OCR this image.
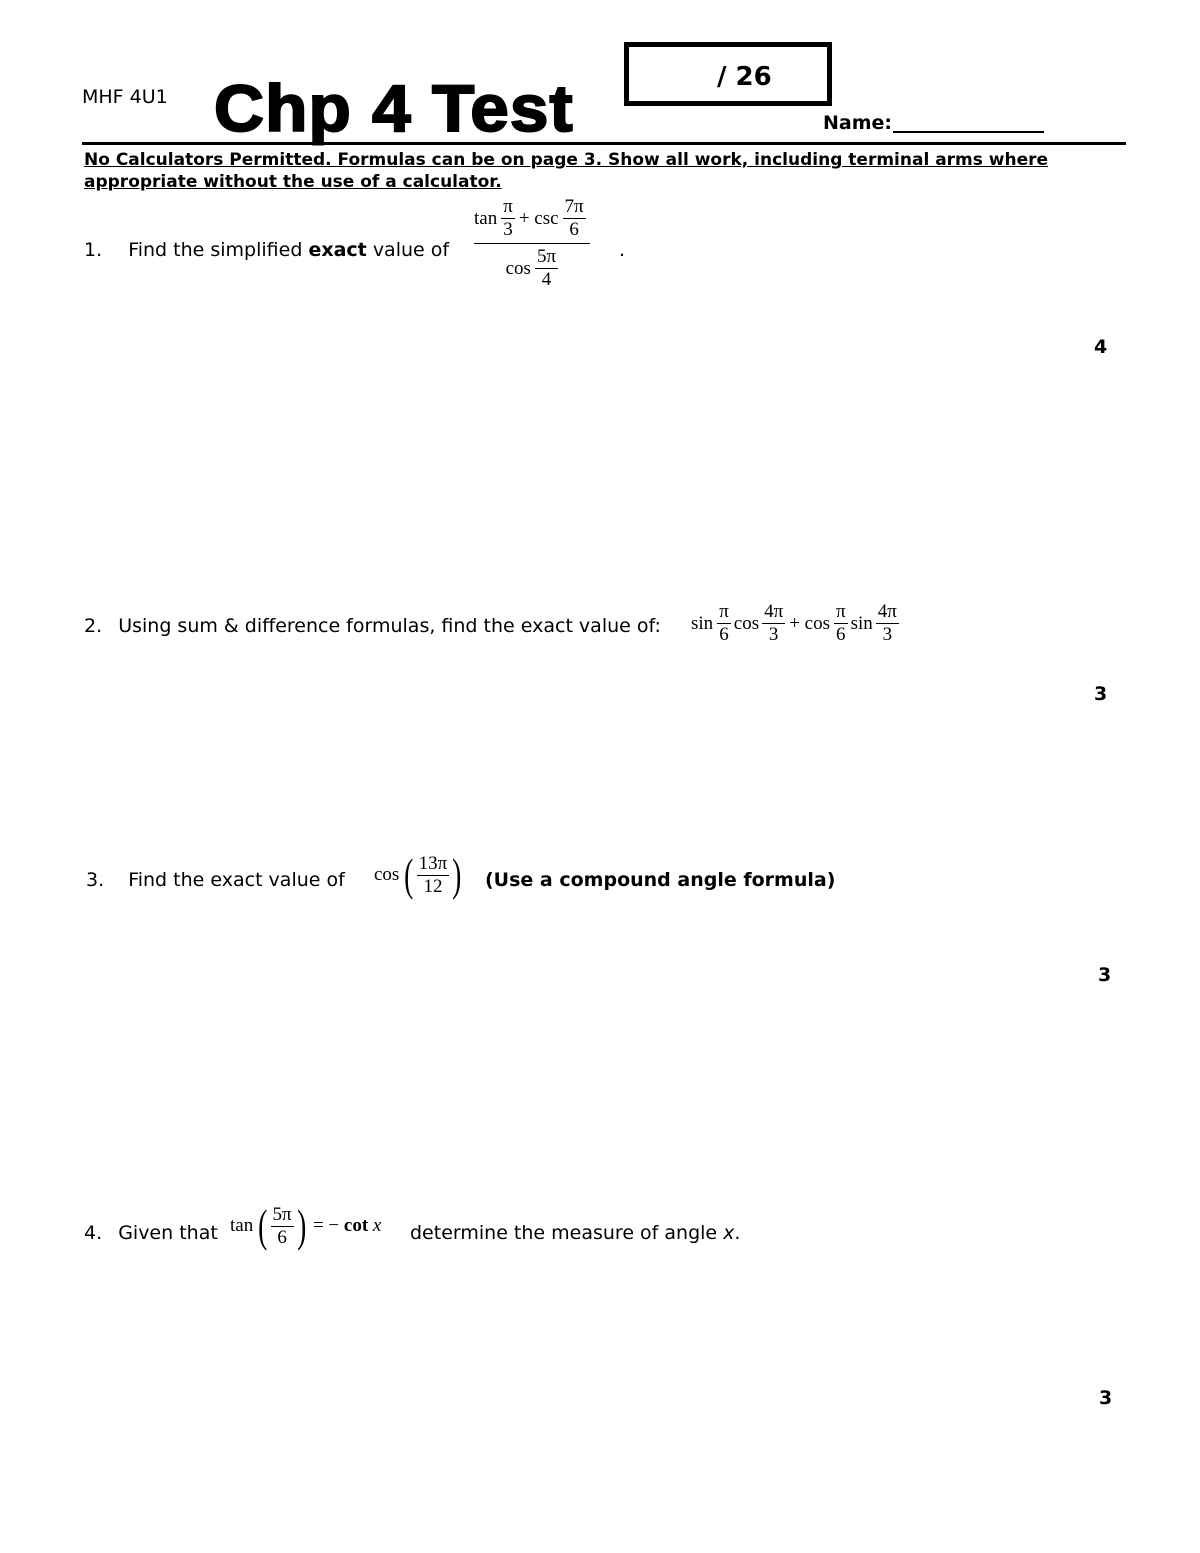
MHF 4U1 Chp 4 Test	/ 26
Name:
No Calculators Permitted. Formulas can be on page 3. Show all work, including terminal arms where appropriate without the use of a calculator.
1. Find the simplified exact value of
$\tan \frac{\pi}{3} + \csc \frac{7\pi}{6}$
$\cos \frac{5\pi}{4}$	.
4
2. Using sum & difference formulas, find the exact value of: $\sin \frac{\pi}{6}$ $\cos \frac{4\pi}{3} + \cos \frac{\pi}{6}$ $\sin \frac{4\pi}{3}$
3
3. Find the exact value of cos ( $\frac{13\pi}{12}$ ) (Use a compound angle formula)
3
4. Given that tan ( $\frac{5\pi}{6}$ ) = − cot x determine the measure of angle x.
3
